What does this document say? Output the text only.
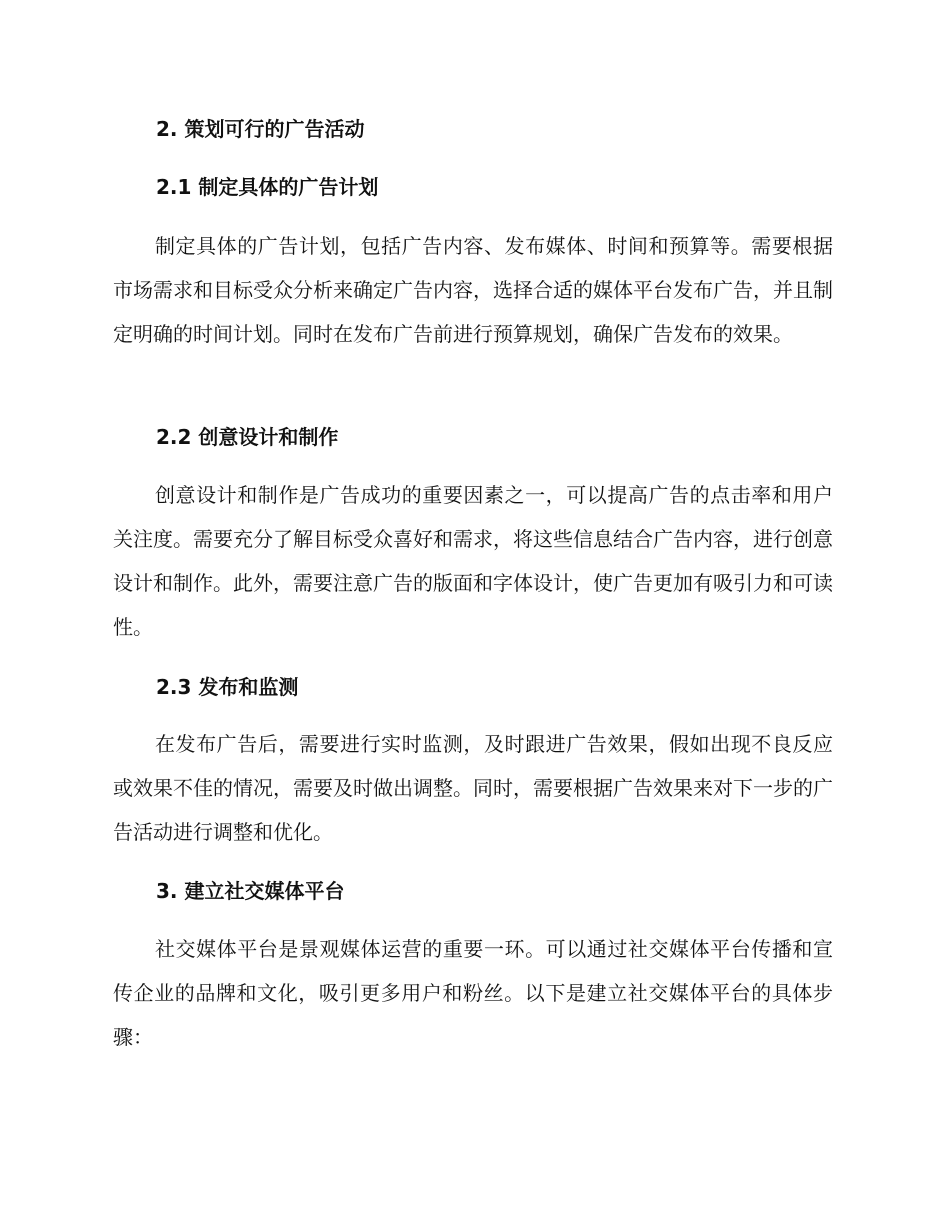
2. 策划可行的广告活动
2.1 制定具体的广告计划

制定具体的广告计划，包括广告内容、发布媒体、时间和预算等。需要根据市场需求和目标受众分析来确定广告内容，选择合适的媒体平台发布广告，并且制定明确的时间计划。同时在发布广告前进行预算规划，确保广告发布的效果。

2.2 创意设计和制作

创意设计和制作是广告成功的重要因素之一，可以提高广告的点击率和用户关注度。需要充分了解目标受众喜好和需求，将这些信息结合广告内容，进行创意设计和制作。此外，需要注意广告的版面和字体设计，使广告更加有吸引力和可读性。

2.3 发布和监测

在发布广告后，需要进行实时监测，及时跟进广告效果，假如出现不良反应或效果不佳的情况，需要及时做出调整。同时，需要根据广告效果来对下一步的广告活动进行调整和优化。

3. 建立社交媒体平台

社交媒体平台是景观媒体运营的重要一环。可以通过社交媒体平台传播和宣传企业的品牌和文化，吸引更多用户和粉丝。以下是建立社交媒体平台的具体步骤：
